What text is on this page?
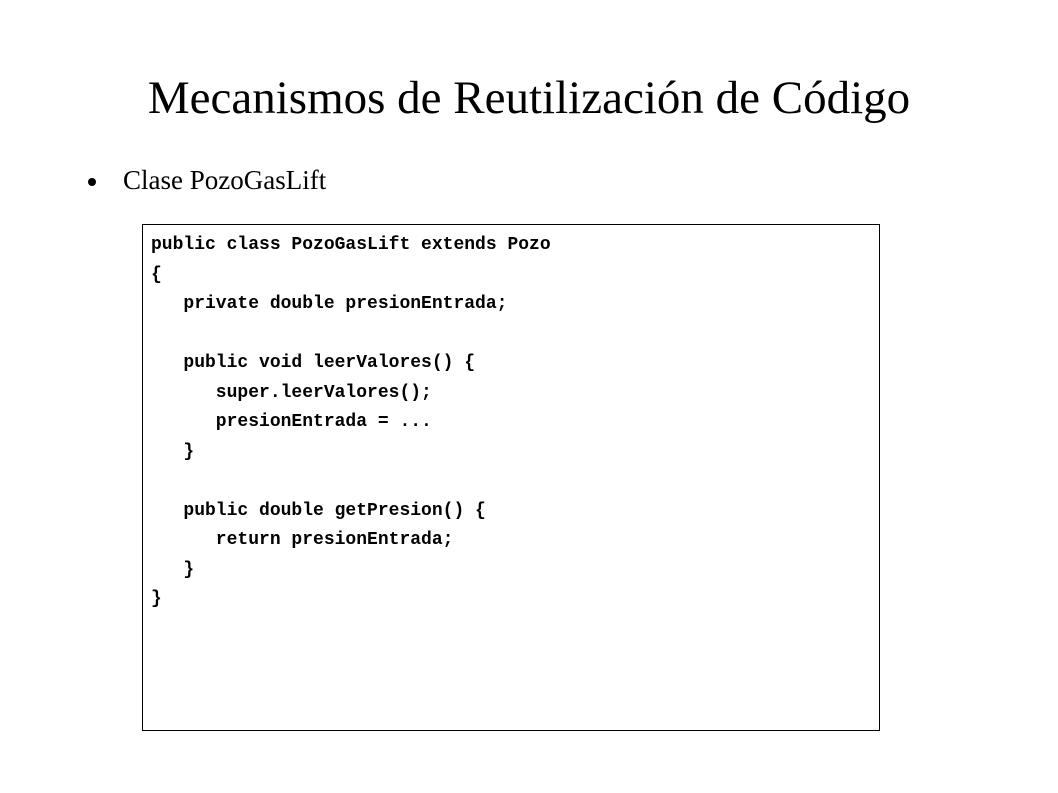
Mecanismos de Reutilización de Código
Clase PozoGasLift
public class PozoGasLift extends Pozo
{
private double presionEntrada;
public void leerValores() {
super.leerValores();
presionEntrada = ...
}
public double getPresion() {
return presionEntrada;
}
}
